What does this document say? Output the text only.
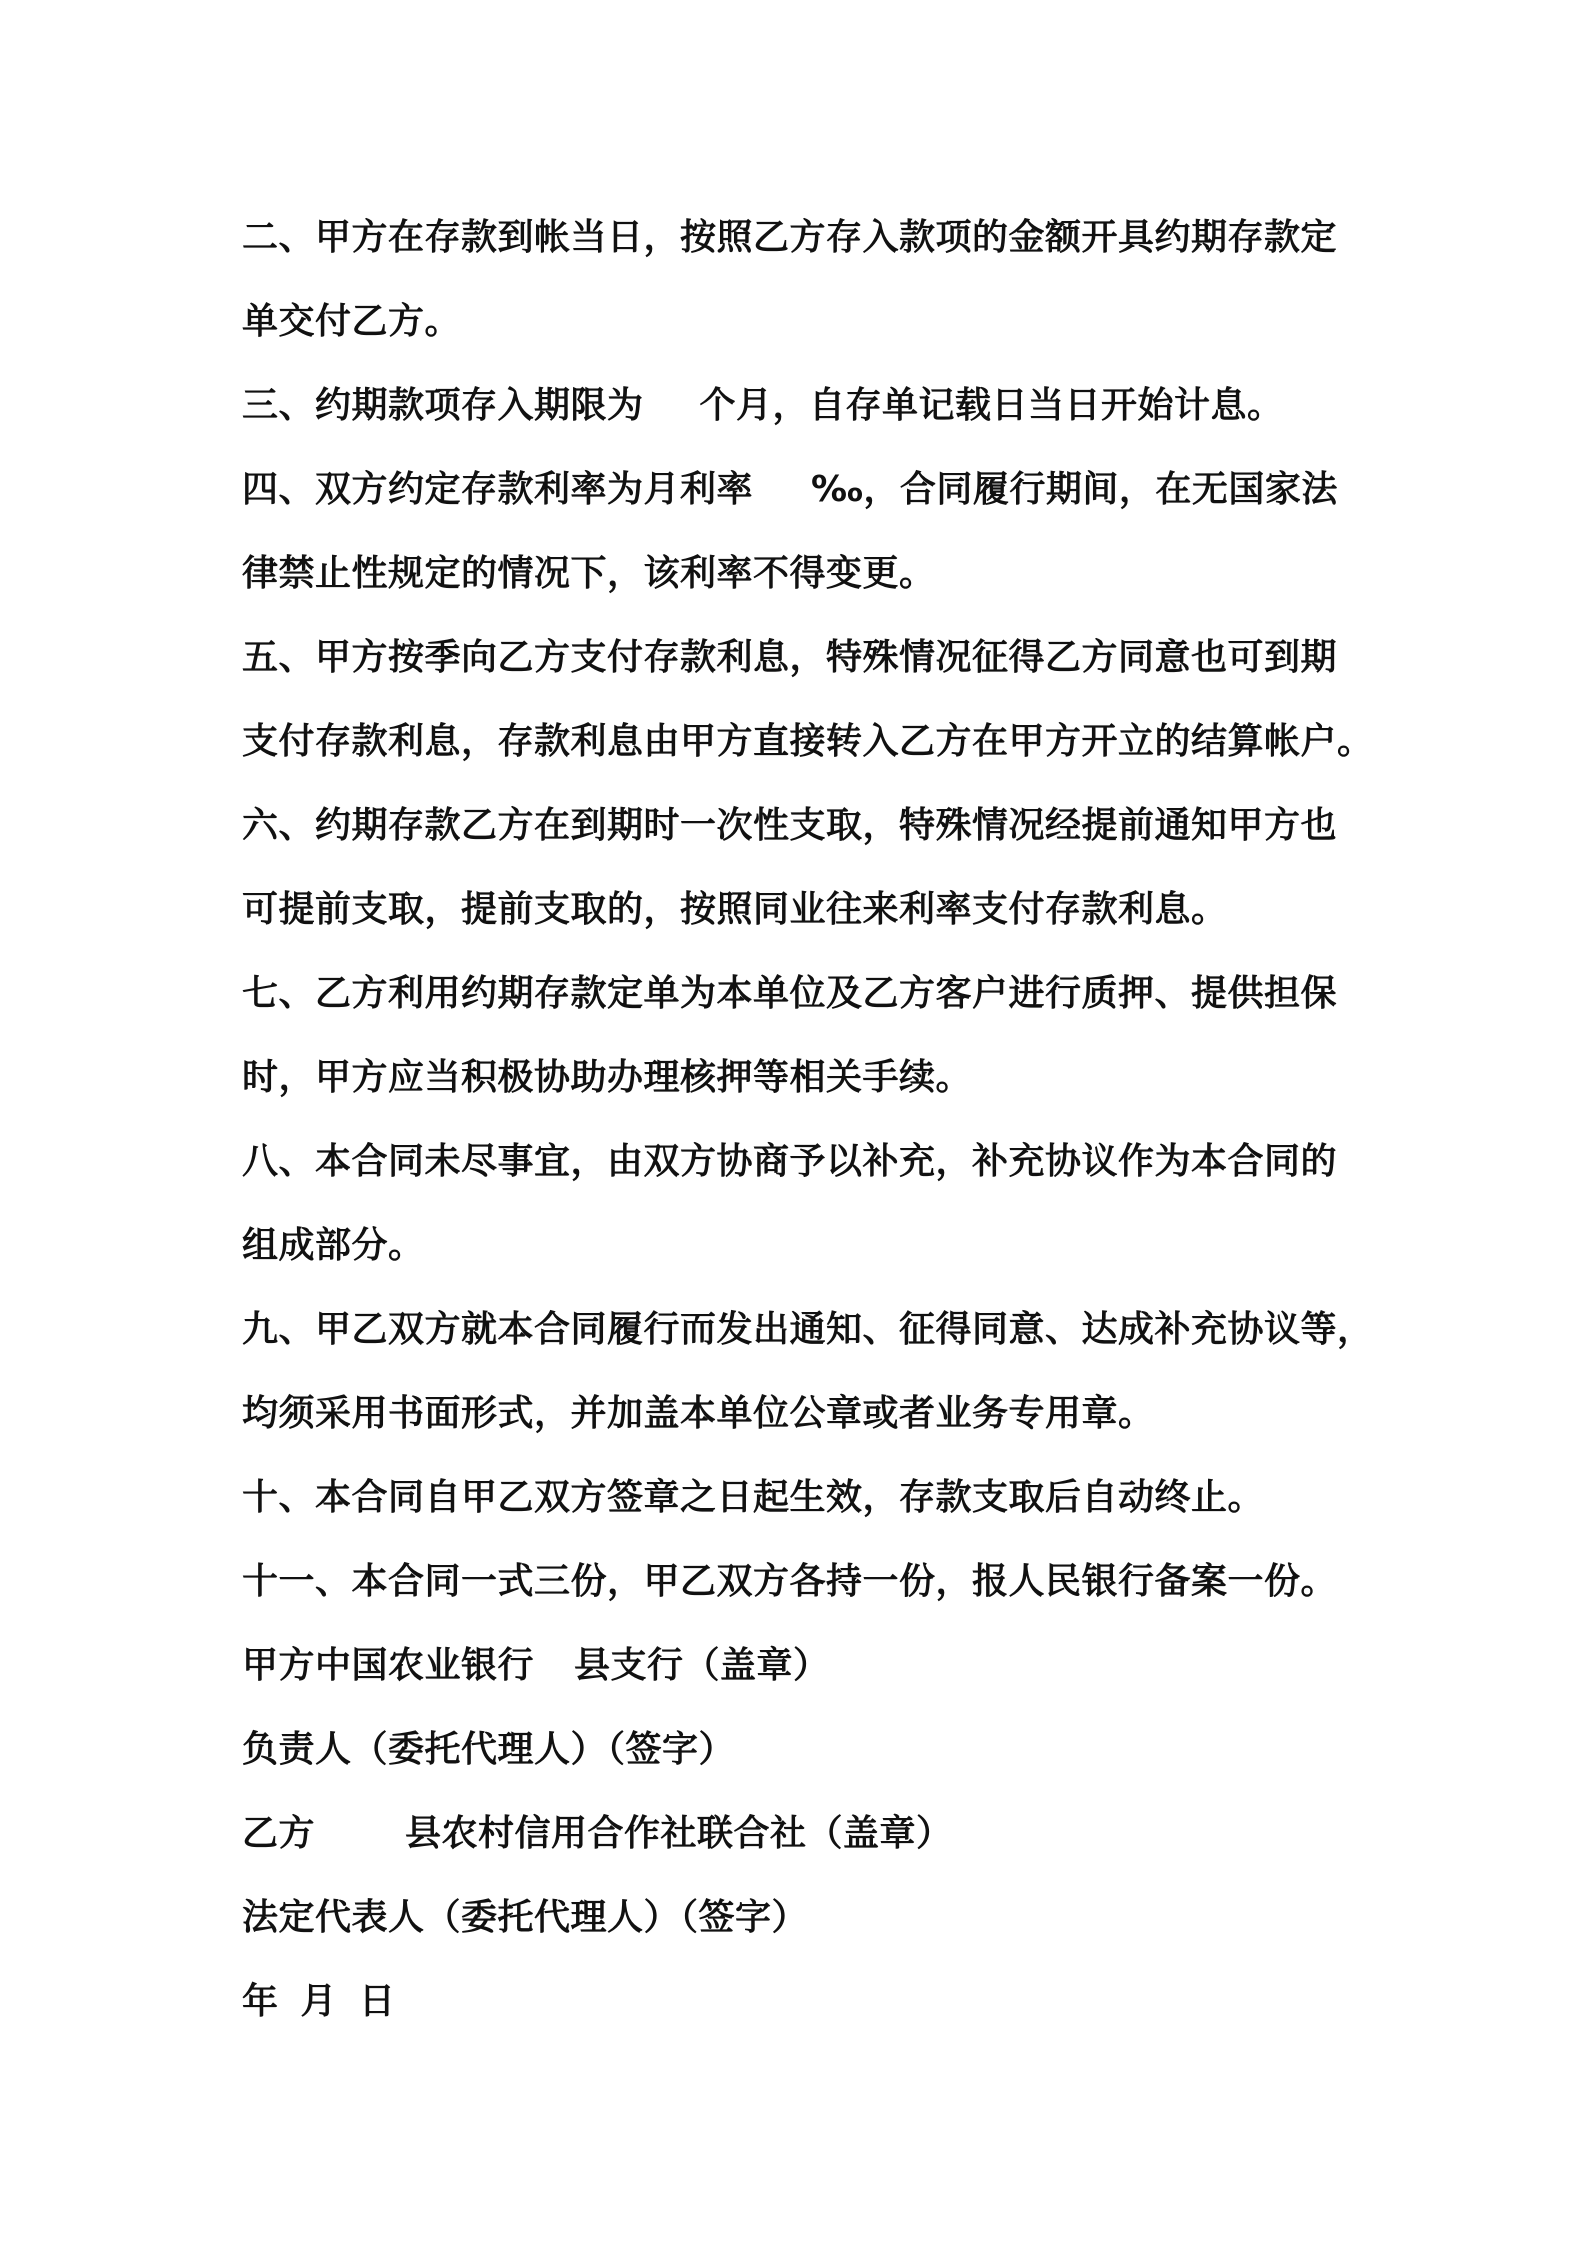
二、甲方在存款到帐当日，按照乙方存入款项的金额开具约期存款定
单交付乙方。
三、约期款项存入期限为 个月，自存单记载日当日开始计息。
四、双方约定存款利率为月利率 ‰，合同履行期间，在无国家法
律禁止性规定的情况下，该利率不得变更。
五、甲方按季向乙方支付存款利息，特殊情况征得乙方同意也可到期
支付存款利息，存款利息由甲方直接转入乙方在甲方开立的结算帐户。
六、约期存款乙方在到期时一次性支取，特殊情况经提前通知甲方也
可提前支取，提前支取的，按照同业往来利率支付存款利息。
七、乙方利用约期存款定单为本单位及乙方客户进行质押、提供担保
时，甲方应当积极协助办理核押等相关手续。
八、本合同未尽事宜，由双方协商予以补充，补充协议作为本合同的
组成部分。
九、甲乙双方就本合同履行而发出通知、征得同意、达成补充协议等，
均须采用书面形式，并加盖本单位公章或者业务专用章。
十、本合同自甲乙双方签章之日起生效，存款支取后自动终止。
十一、本合同一式三份，甲乙双方各持一份，报人民银行备案一份。
甲方中国农业银行 县支行（盖章）
负责人（委托代理人）（签字）
乙方	县农村信用合作社联合社（盖章）
法定代表人（委托代理人）（签字）
年 月 日
